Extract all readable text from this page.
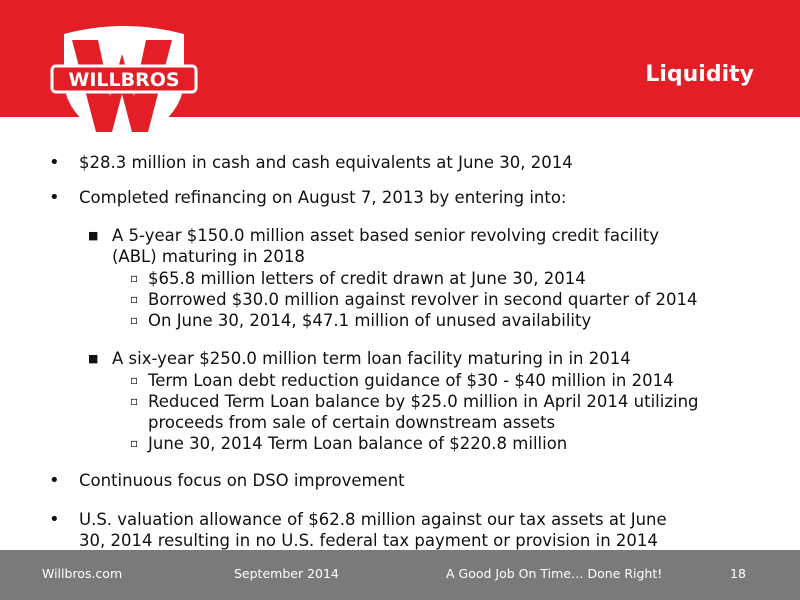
WILLBROS	Liquidity
• $28.3 million in cash and cash equivalents at June 30, 2014

• Completed refinancing on August 7, 2013 by entering into:

■ A 5-year $150.0 million asset based senior revolving credit facility

(ABL) maturing in 2018

▫ $65.8 million letters of credit drawn at June 30, 2014

▫ Borrowed $30.0 million against revolver in second quarter of 2014

▫ On June 30, 2014, $47.1 million of unused availability

■ A six-year $250.0 million term loan facility maturing in in 2014

▫ Term Loan debt reduction guidance of $30 - $40 million in 2014

▫ Reduced Term Loan balance by $25.0 million in April 2014 utilizing

proceeds from sale of certain downstream assets

▫ June 30, 2014 Term Loan balance of $220.8 million

• Continuous focus on DSO improvement

• U.S. valuation allowance of $62.8 million against our tax assets at June

30, 2014 resulting in no U.S. federal tax payment or provision in 2014

Willbros.com	September 2014	A Good Job On Time… Done Right!	18
